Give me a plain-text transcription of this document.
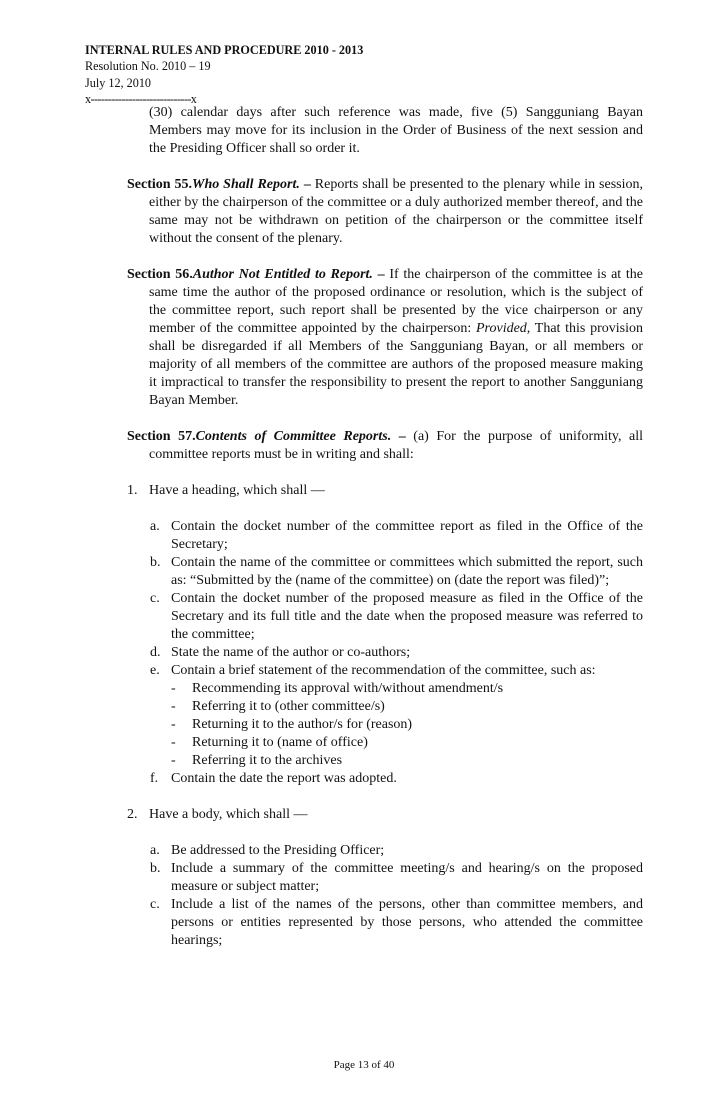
INTERNAL RULES AND PROCEDURE 2010 - 2013
Resolution No. 2010 – 19
July 12, 2010
x-----------------------------x

(30) calendar days after such reference was made, five (5) Sangguniang Bayan Members may move for its inclusion in the Order of Business of the next session and the Presiding Officer shall so order it.

Section 55.Who Shall Report. – Reports shall be presented to the plenary while in session, either by the chairperson of the committee or a duly authorized member thereof, and the same may not be withdrawn on petition of the chairperson or the committee itself without the consent of the plenary.

Section 56.Author Not Entitled to Report. – If the chairperson of the committee is at the same time the author of the proposed ordinance or resolution, which is the subject of the committee report, such report shall be presented by the vice chairperson or any member of the committee appointed by the chairperson: Provided, That this provision shall be disregarded if all Members of the Sangguniang Bayan, or all members or majority of all members of the committee are authors of the proposed measure making it impractical to transfer the responsibility to present the report to another Sangguniang Bayan Member.

Section 57.Contents of Committee Reports. – (a) For the purpose of uniformity, all committee reports must be in writing and shall:

1. Have a heading, which shall —

a. Contain the docket number of the committee report as filed in the Office of the Secretary;

b. Contain the name of the committee or committees which submitted the report, such as: “Submitted by the (name of the committee) on (date the report was filed)”;

c. Contain the docket number of the proposed measure as filed in the Office of the Secretary and its full title and the date when the proposed measure was referred to the committee;

d. State the name of the author or co-authors;

e. Contain a brief statement of the recommendation of the committee, such as:

- Recommending its approval with/without amendment/s

- Referring it to (other committee/s)

- Returning it to the author/s for (reason)

- Returning it to (name of office)

- Referring it to the archives

f. Contain the date the report was adopted.

2. Have a body, which shall —

a. Be addressed to the Presiding Officer;

b. Include a summary of the committee meeting/s and hearing/s on the proposed measure or subject matter;

c. Include a list of the names of the persons, other than committee members, and persons or entities represented by those persons, who attended the committee hearings;

Page 13 of 40
